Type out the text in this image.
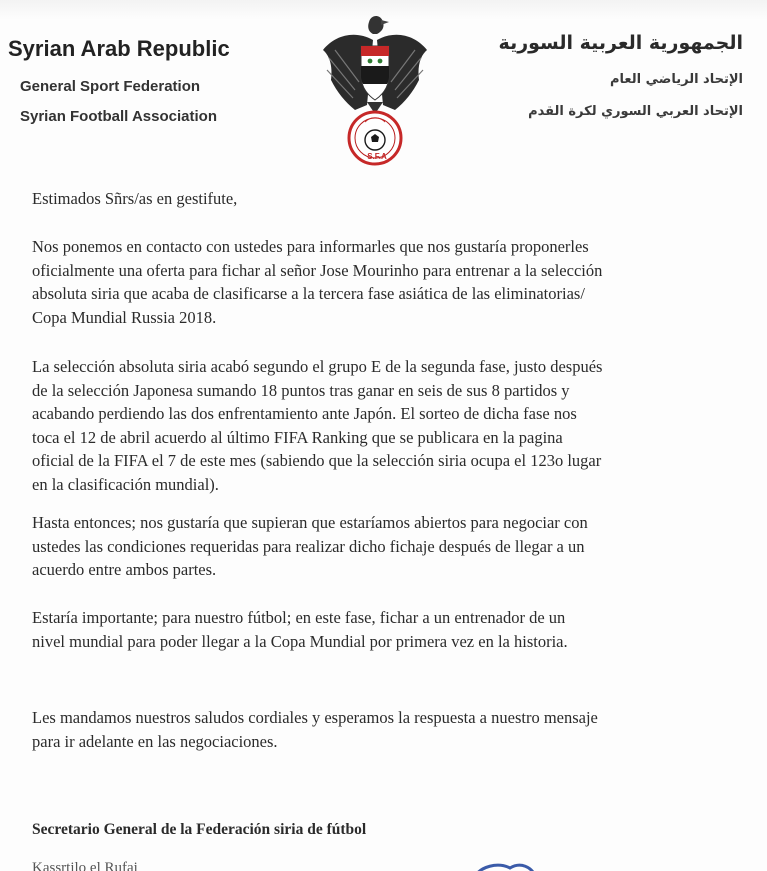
Syrian Arab Republic
General Sport Federation
Syrian Football Association
S.F.A
الجمهورية العربية السورية
الإتحاد الرياضي العام
الإتحاد العربي السوري لكرة القدم
Estimados Sñrs/as en gestifute,
Nos ponemos en contacto con ustedes para informarles que nos gustaría proponerles
oficialmente una oferta para fichar al señor Jose Mourinho para entrenar a la selección
absoluta siria que acaba de clasificarse a la tercera fase asiática de las eliminatorias/
Copa Mundial Russia 2018.
La selección absoluta siria acabó segundo el grupo E de la segunda fase, justo después
de la selección Japonesa sumando 18 puntos tras ganar en seis de sus 8 partidos y
acabando perdiendo las dos enfrentamiento ante Japón. El sorteo de dicha fase nos
toca el 12 de abril acuerdo al último FIFA Ranking que se publicara en la pagina
oficial de la FIFA el 7 de este mes (sabiendo que la selección siria ocupa el 123o lugar
en la clasificación mundial).
Hasta entonces; nos gustaría que supieran que estaríamos abiertos para negociar con
ustedes las condiciones requeridas para realizar dicho fichaje después de llegar a un
acuerdo entre ambos partes.
Estaría importante; para nuestro fútbol; en este fase, fichar a un entrenador de un
nivel mundial para poder llegar a la Copa Mundial por primera vez en la historia.
Les mandamos nuestros saludos cordiales y esperamos la respuesta a nuestro mensaje
para ir adelante en las negociaciones.
Secretario General de la Federación siria de fútbol
Kassrtilo el Rufai
